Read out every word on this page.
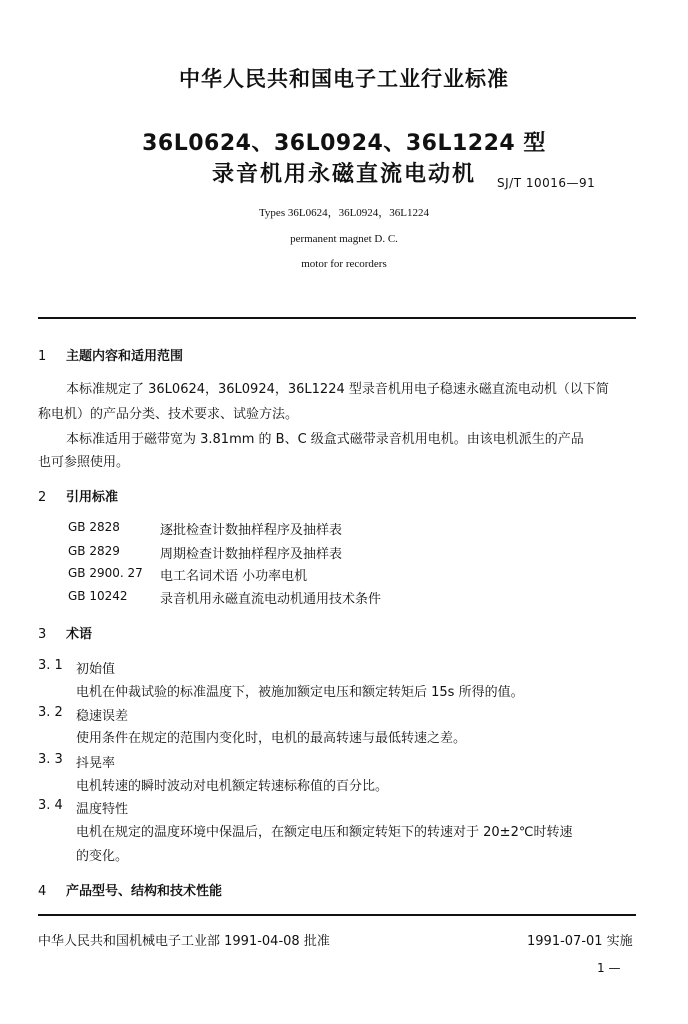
中华人民共和国电子工业行业标准
36L0624、36L0924、36L1224 型
录音机用永磁直流电动机	SJ/T 10016—91
Types 36L0624，36L0924，36L1224
permanent magnet D. C.
motor for recorders
1 主题内容和适用范围
本标准规定了 36L0624，36L0924，36L1224 型录音机用电子稳速永磁直流电动机（以下简
称电机）的产品分类、技术要求、试验方法。
本标准适用于磁带宽为 3.81mm 的 B、C 级盒式磁带录音机用电机。由该电机派生的产品
也可参照使用。
2 引用标准
GB 2828	逐批检查计数抽样程序及抽样表
GB 2829	周期检查计数抽样程序及抽样表
GB 2900. 27 电工名词术语 小功率电机
GB 10242 录音机用永磁直流电动机通用技术条件
3 术语
3. 1 初始值
电机在仲裁试验的标准温度下，被施加额定电压和额定转矩后 15s 所得的值。
3. 2 稳速误差
使用条件在规定的范围内变化时，电机的最高转速与最低转速之差。
3. 3 抖晃率
电机转速的瞬时波动对电机额定转速标称值的百分比。
3. 4 温度特性
电机在规定的温度环境中保温后，在额定电压和额定转矩下的转速对于 20±2℃时转速
的变化。
4 产品型号、结构和技术性能
中华人民共和国机械电子工业部 1991-04-08 批准	1991-07-01 实施
1 —
